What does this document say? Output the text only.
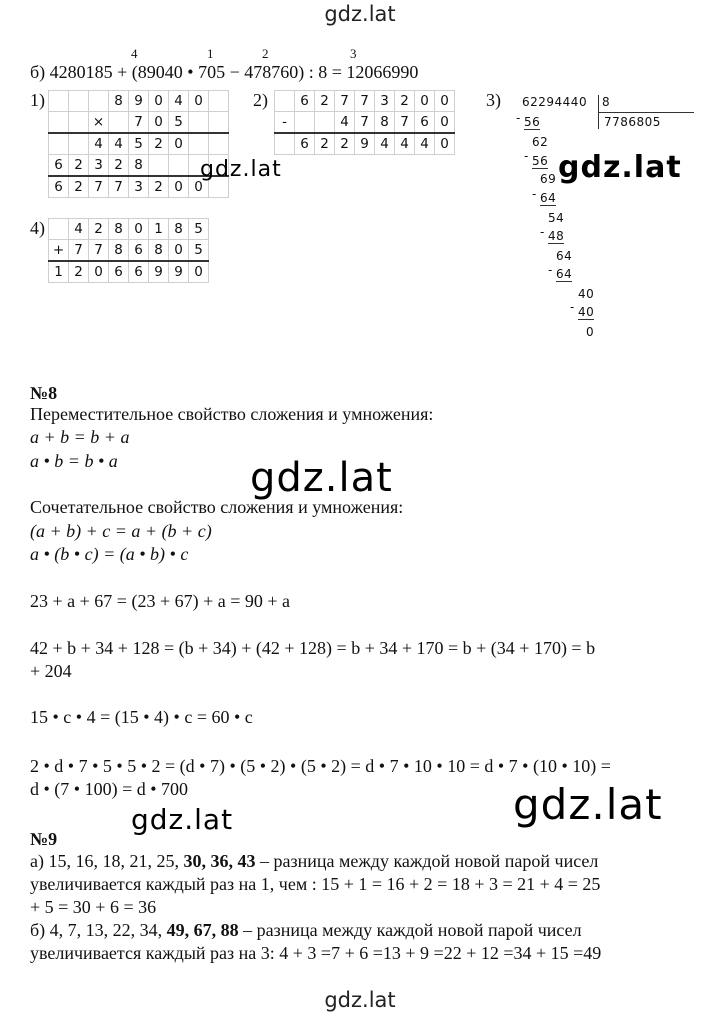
gdz.lat
gdz.lat
4	1	2	3
б) 4280185 + (89040 • 705 − 478760) : 8 = 12066990
1)
				8	9	0	4	0	
		×		7	0	5		
		4	4	5	2	0		
6	2	3	2	8				
6	2	7	7	3	2	0	0	
2)
	6	2	7	7	3	2	0	0
-			4	7	8	7	6	0
	6	2	2	9	4	4	4	0
4)
	4	2	8	0	1	8	5
+	7	7	8	6	8	0	5
1	2	0	6	6	9	9	0
3) 62294440 8
7786805
- 56
62
- 56
69
- 64
54
- 48
64
- 64
40
- 40
0
№8
Переместительное свойство сложения и умножения:
a + b = b + a
a • b = b • a
Сочетательное свойство сложения и умножения:
(a + b) + c = a + (b + c)
a • (b • c) = (a • b) • c
23 + a + 67 = (23 + 67) + a = 90 + a
42 + b + 34 + 128 = (b + 34) + (42 + 128) = b + 34 + 170 = b + (34 + 170) = b
+ 204
15 • c • 4 = (15 • 4) • c = 60 • c
2 • d • 7 • 5 • 5 • 2 = (d • 7) • (5 • 2) • (5 • 2) = d • 7 • 10 • 10 = d • 7 • (10 • 10) =
d • (7 • 100) = d • 700
№9
а) 15, 16, 18, 21, 25, 30, 36, 43 – разница между каждой новой парой чисел
увеличивается каждый раз на 1, чем : 15 + 1 = 16 + 2 = 18 + 3 = 21 + 4 = 25
+ 5 = 30 + 6 = 36
б) 4, 7, 13, 22, 34, 49, 67, 88 – разница между каждой новой парой чисел
увеличивается каждый раз на 3: 4 + 3 =7 + 6 =13 + 9 =22 + 12 =34 + 15 =49
gdz.lat	gdz.lat
gdz.lat
gdz.lat
gdz.lat
